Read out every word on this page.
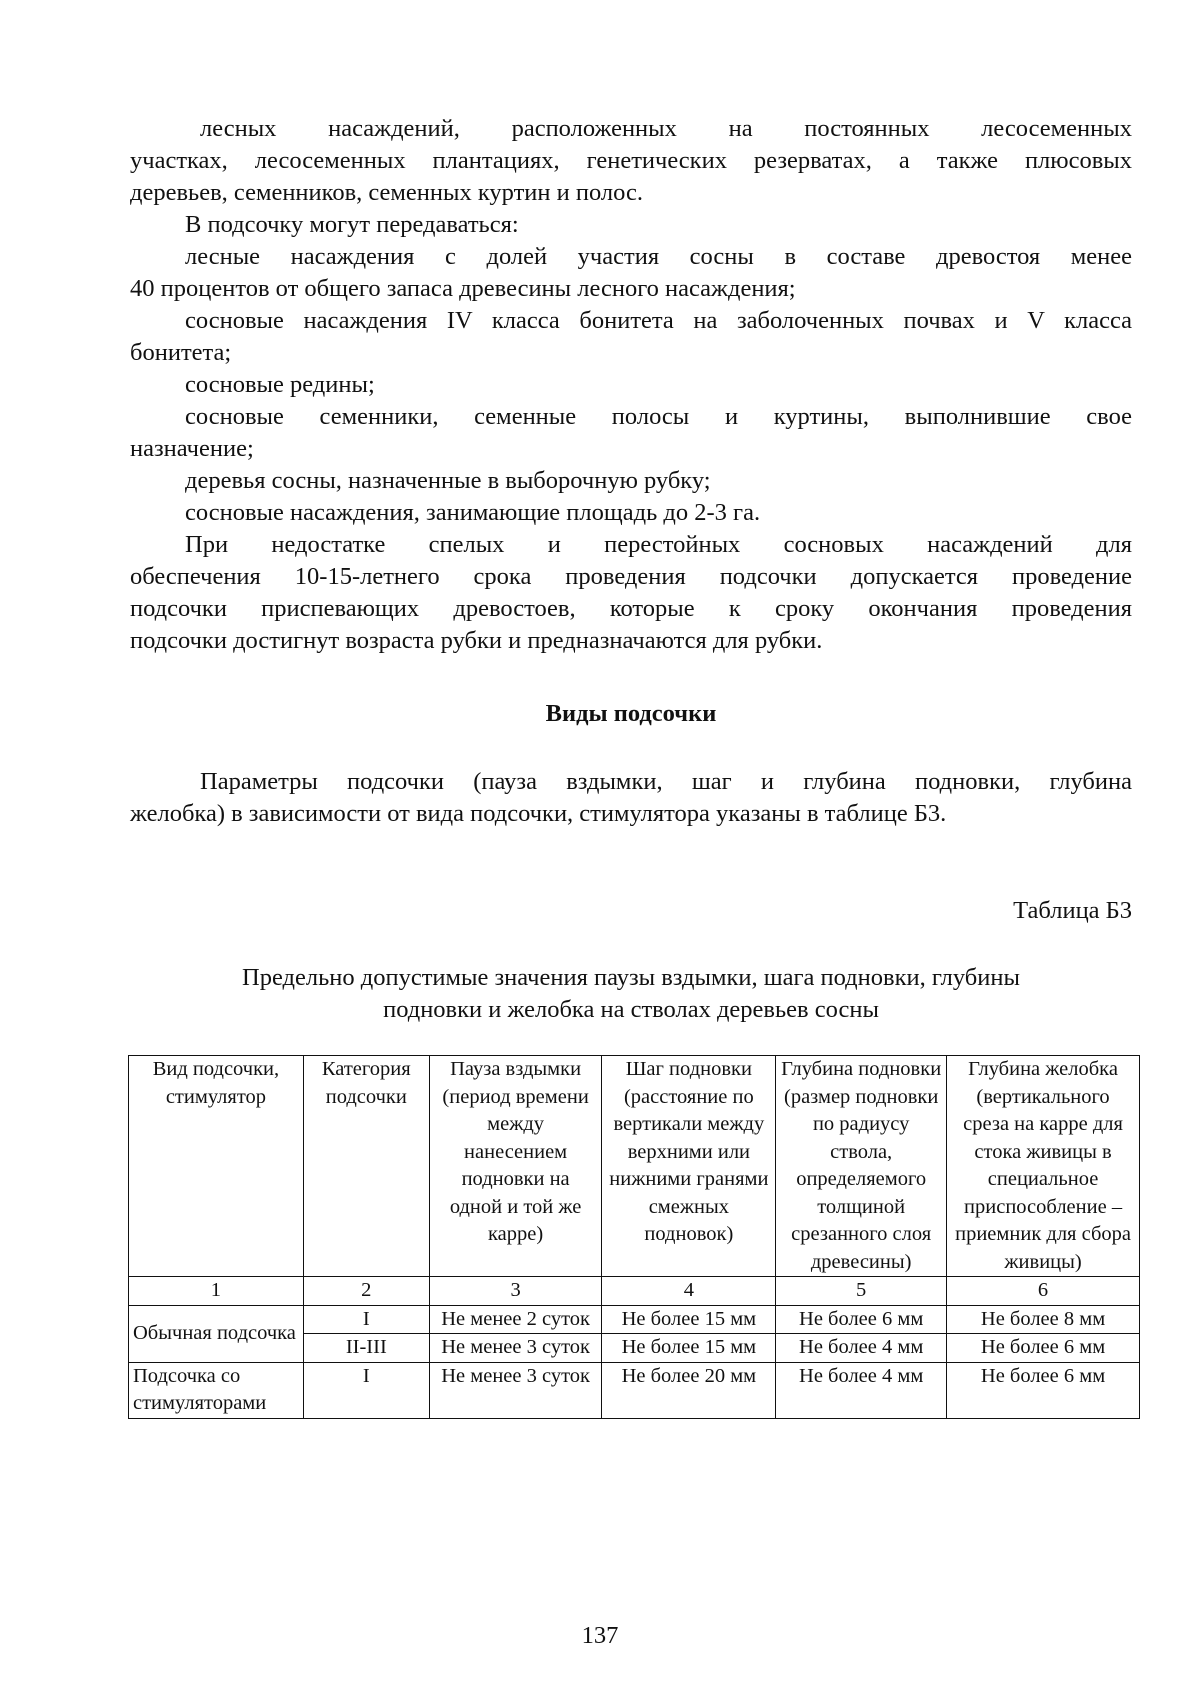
лесных насаждений, расположенных на постоянных лесосеменных
участках, лесосеменных плантациях, генетических резерватах, а также плюсовых
деревьев, семенников, семенных куртин и полос.
В подсочку могут передаваться:
лесные насаждения с долей участия сосны в составе древостоя менее
40 процентов от общего запаса древесины лесного насаждения;
сосновые насаждения IV класса бонитета на заболоченных почвах и V класса
бонитета;
сосновые редины;
сосновые семенники, семенные полосы и куртины, выполнившие свое
назначение;
деревья сосны, назначенные в выборочную рубку;
сосновые насаждения, занимающие площадь до 2-3 га.
При недостатке спелых и перестойных сосновых насаждений для
обеспечения 10-15-летнего срока проведения подсочки допускается проведение
подсочки приспевающих древостоев, которые к сроку окончания проведения
подсочки достигнут возраста рубки и предназначаются для рубки.
Виды подсочки
Параметры подсочки (пауза вздымки, шаг и глубина подновки, глубина
желобка) в зависимости от вида подсочки, стимулятора указаны в таблице Б3.
Таблица Б3
Предельно допустимые значения паузы вздымки, шага подновки, глубины
подновки и желобка на стволах деревьев сосны
Вид подсочки, стимулятор	Категория подсочки	Пауза вздымки (период времени между нанесением подновки на одной и той же карре)	Шаг подновки (расстояние по вертикали между верхними или нижними гранями смежных подновок)	Глубина подновки (размер подновки по радиусу ствола, определяемого толщиной срезанного слоя древесины)	Глубина желобка (вертикального среза на карре для стока живицы в специальное приспособление – приемник для сбора живицы)
1	2	3	4	5	6
Обычная подсочка	I	Не менее 2 суток	Не более 15 мм	Не более 6 мм	Не более 8 мм
	II-III	Не менее 3 суток	Не более 15 мм	Не более 4 мм	Не более 6 мм
Подсочка со стимуляторами	I	Не менее 3 суток	Не более 20 мм	Не более 4 мм	Не более 6 мм
137
